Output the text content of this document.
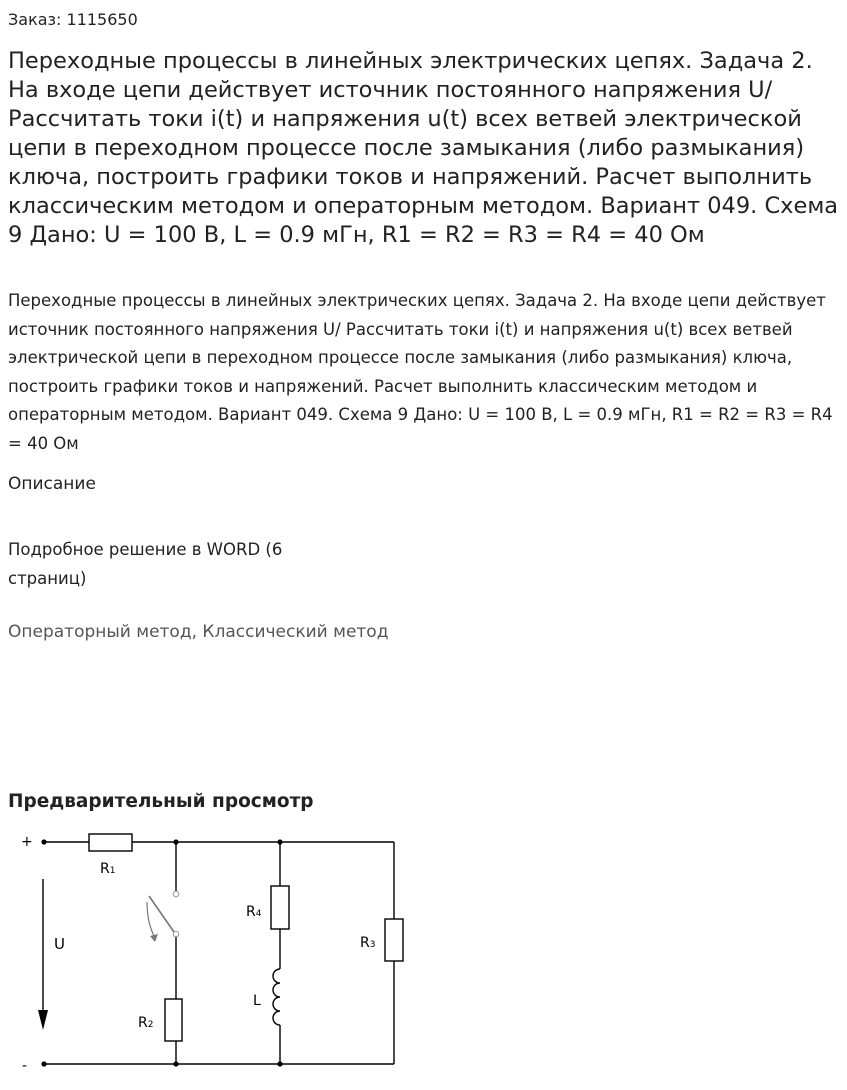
Заказ: 1115650
Переходные процессы в линейных электрических цепях. Задача 2. На входе цепи действует источник постоянного напряжения U/ Рассчитать токи i(t) и напряжения u(t) всех ветвей электрической цепи в переходном процессе после замыкания (либо размыкания) ключа, построить графики токов и напряжений. Расчет выполнить классическим методом и операторным методом. Вариант 049. Схема 9 Дано: U = 100 В, L = 0.9 мГн, R1 = R2 = R3 = R4 = 40 Ом
Переходные процессы в линейных электрических цепях. Задача 2. На входе цепи действует источник постоянного напряжения U/ Рассчитать токи i(t) и напряжения u(t) всех ветвей электрической цепи в переходном процессе после замыкания (либо размыкания) ключа, построить графики токов и напряжений. Расчет выполнить классическим методом и операторным методом. Вариант 049. Схема 9 Дано: U = 100 В, L = 0.9 мГн, R1 = R2 = R3 = R4 = 40 Ом
Описание
Подробное решение в WORD (6 страниц)
Операторный метод, Классический метод
Предварительный просмотр
+
-
U
R1
R2
R4
R3
L
